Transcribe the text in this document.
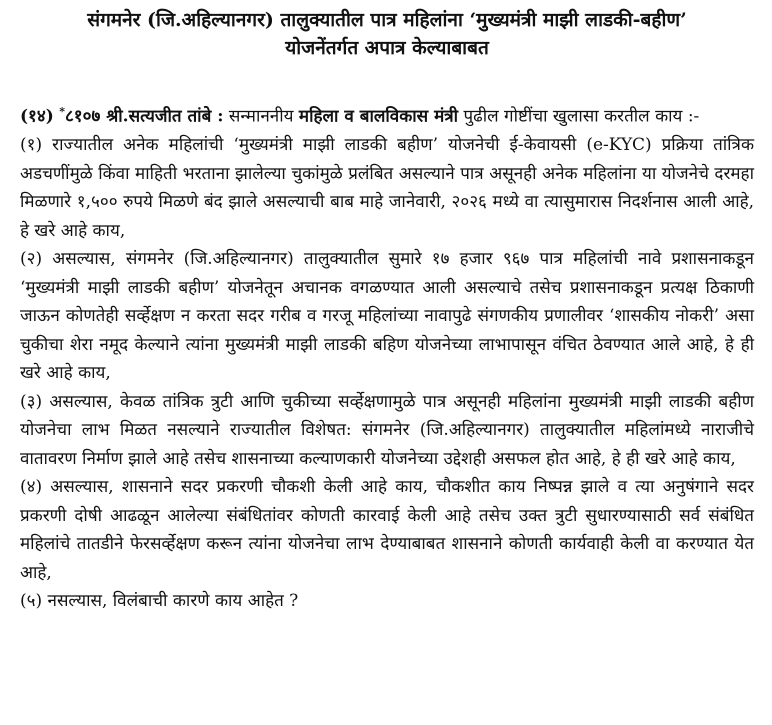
संगमनेर (जि.अहिल्यानगर) तालुक्यातील पात्र महिलांना ‘मुख्यमंत्री माझी लाडकी-बहीण’
योजनेंतर्गत अपात्र केल्याबाबत

(१४) *८१०७ श्री.सत्यजीत तांबे : सन्माननीय महिला व बालविकास मंत्री पुढील गोष्टींचा खुलासा करतील काय :-

(१) राज्यातील अनेक महिलांची ‘मुख्यमंत्री माझी लाडकी बहीण’ योजनेची ई-केवायसी (e-KYC) प्रक्रिया तांत्रिक अडचणींमुळे किंवा माहिती भरताना झालेल्या चुकांमुळे प्रलंबित असल्याने पात्र असूनही अनेक महिलांना या योजनेचे दरमहा मिळणारे १,५०० रुपये मिळणे बंद झाले असल्याची बाब माहे जानेवारी, २०२६ मध्ये वा त्यासुमारास निदर्शनास आली आहे, हे खरे आहे काय,

(२) असल्यास, संगमनेर (जि.अहिल्यानगर) तालुक्यातील सुमारे १७ हजार ९६७ पात्र महिलांची नावे प्रशासनाकडून ‘मुख्यमंत्री माझी लाडकी बहीण’ योजनेतून अचानक वगळण्यात आली असल्याचे तसेच प्रशासनाकडून प्रत्यक्ष ठिकाणी जाऊन कोणतेही सर्व्हेक्षण न करता सदर गरीब व गरजू महिलांच्या नावापुढे संगणकीय प्रणालीवर ‘शासकीय नोकरी’ असा चुकीचा शेरा नमूद केल्याने त्यांना मुख्यमंत्री माझी लाडकी बहिण योजनेच्या लाभापासून वंचित ठेवण्यात आले आहे, हे ही खरे आहे काय,

(३) असल्यास, केवळ तांत्रिक त्रुटी आणि चुकीच्या सर्व्हेक्षणामुळे पात्र असूनही महिलांना मुख्यमंत्री माझी लाडकी बहीण योजनेचा लाभ मिळत नसल्याने राज्यातील विशेषत: संगमनेर (जि.अहिल्यानगर) तालुक्यातील महिलांमध्ये नाराजीचे वातावरण निर्माण झाले आहे तसेच शासनाच्या कल्याणकारी योजनेच्या उद्देशही असफल होत आहे, हे ही खरे आहे काय,

(४) असल्यास, शासनाने सदर प्रकरणी चौकशी केली आहे काय, चौकशीत काय निष्पन्न झाले व त्या अनुषंगाने सदर प्रकरणी दोषी आढळून आलेल्या संबंधितांवर कोणती कारवाई केली आहे तसेच उक्त त्रुटी सुधारण्यासाठी सर्व संबंधित महिलांचे तातडीने फेरसर्व्हेक्षण करून त्यांना योजनेचा लाभ देण्याबाबत शासनाने कोणती कार्यवाही केली वा करण्यात येत आहे,

(५) नसल्यास, विलंबाची कारणे काय आहेत ?
